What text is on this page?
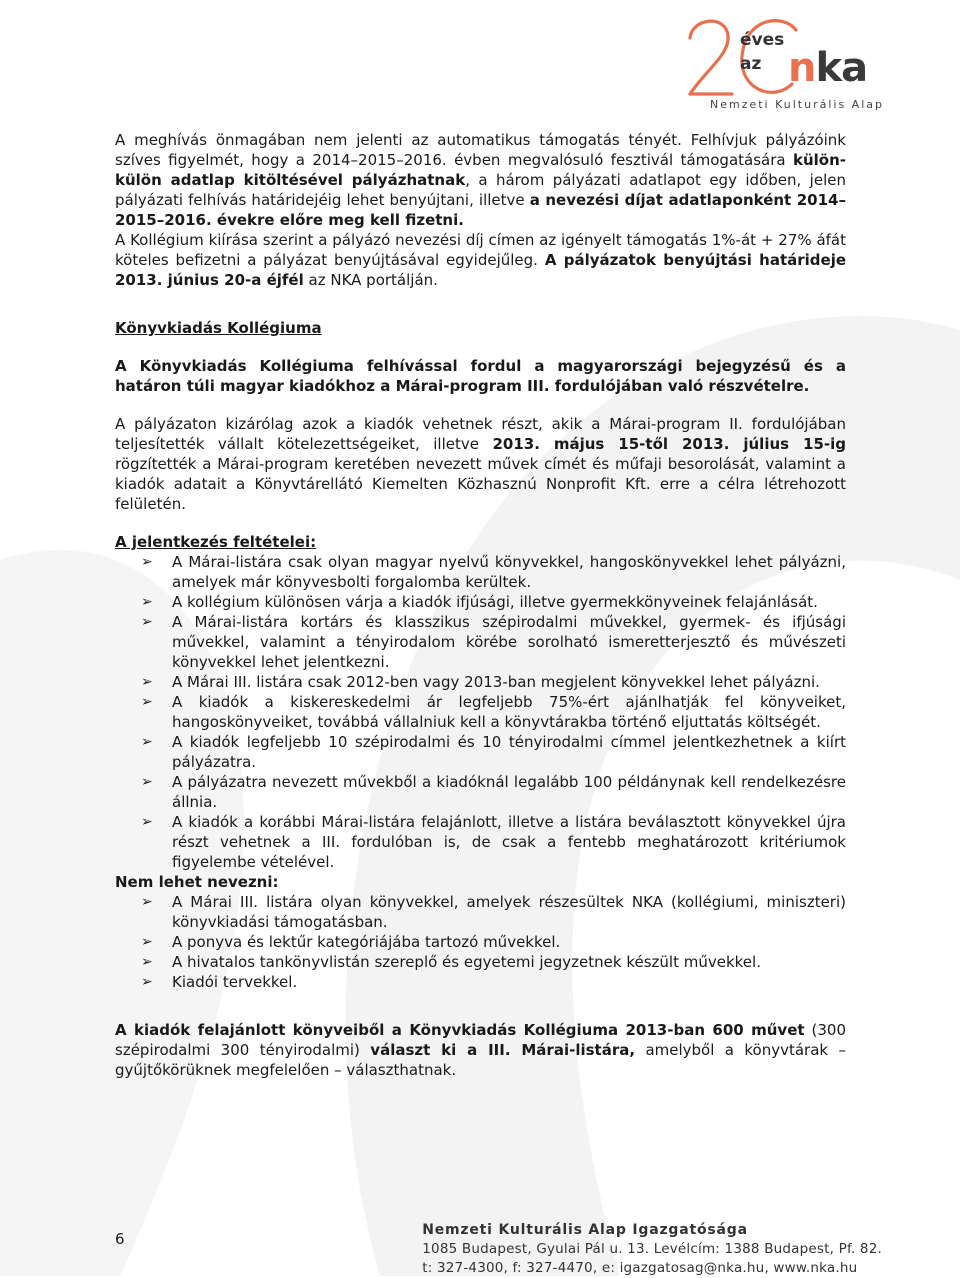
éves
az nka
Nemzeti Kulturális Alap

A meghívás önmagában nem jelenti az automatikus támogatás tényét. Felhívjuk pályázóink szíves figyelmét, hogy a 2014–2015–2016. évben megvalósuló fesztivál támogatására külön-külön adatlap kitöltésével pályázhatnak, a három pályázati adatlapot egy időben, jelen pályázati felhívás határidejéig lehet benyújtani, illetve a nevezési díjat adatlaponként 2014–2015–2016. évekre előre meg kell fizetni.

A Kollégium kiírása szerint a pályázó nevezési díj címen az igényelt támogatás 1%-át + 27% áfát köteles befizetni a pályázat benyújtásával egyidejűleg. A pályázatok benyújtási határideje 2013. június 20-a éjfél az NKA portálján.

Könyvkiadás Kollégiuma

A Könyvkiadás Kollégiuma felhívással fordul a magyarországi bejegyzésű és a határon túli magyar kiadókhoz a Márai-program III. fordulójában való részvételre.

A pályázaton kizárólag azok a kiadók vehetnek részt, akik a Márai-program II. fordulójában teljesítették vállalt kötelezettségeiket, illetve 2013. május 15-től 2013. július 15-ig rögzítették a Márai-program keretében nevezett művek címét és műfaji besorolását, valamint a kiadók adatait a Könyvtárellátó Kiemelten Közhasznú Nonprofit Kft. erre a célra létrehozott felületén.

A jelentkezés feltételei:

➢ A Márai-listára csak olyan magyar nyelvű könyvekkel, hangoskönyvekkel lehet pályázni, amelyek már könyvesbolti forgalomba kerültek.
➢ A kollégium különösen várja a kiadók ifjúsági, illetve gyermekkönyveinek felajánlását.
➢ A Márai-listára kortárs és klasszikus szépirodalmi művekkel, gyermek- és ifjúsági művekkel, valamint a tényirodalom körébe sorolható ismeretterjesztő és művészeti könyvekkel lehet jelentkezni.
➢ A Márai III. listára csak 2012-ben vagy 2013-ban megjelent könyvekkel lehet pályázni.
➢ A kiadók a kiskereskedelmi ár legfeljebb 75%-ért ajánlhatják fel könyveiket, hangoskönyveiket, továbbá vállalniuk kell a könyvtárakba történő eljuttatás költségét.
➢ A kiadók legfeljebb 10 szépirodalmi és 10 tényirodalmi címmel jelentkezhetnek a kiírt pályázatra.
➢ A pályázatra nevezett művekből a kiadóknál legalább 100 példánynak kell rendelkezésre állnia.
➢ A kiadók a korábbi Márai-listára felajánlott, illetve a listára beválasztott könyvekkel újra részt vehetnek a III. fordulóban is, de csak a fentebb meghatározott kritériumok figyelembe vételével.

Nem lehet nevezni:

➢ A Márai III. listára olyan könyvekkel, amelyek részesültek NKA (kollégiumi, miniszteri) könyvkiadási támogatásban.
➢ A ponyva és lektűr kategóriájába tartozó művekkel.
➢ A hivatalos tankönyvlistán szereplő és egyetemi jegyzetnek készült művekkel.
➢ Kiadói tervekkel.

A kiadók felajánlott könyveiből a Könyvkiadás Kollégiuma 2013-ban 600 művet (300 szépirodalmi 300 tényirodalmi) választ ki a III. Márai-listára, amelyből a könyvtárak – gyűjtőkörüknek megfelelően – választhatnak.

6	Nemzeti Kulturális Alap Igazgatósága
1085 Budapest, Gyulai Pál u. 13. Levélcím: 1388 Budapest, Pf. 82.
t: 327-4300, f: 327-4470, e: igazgatosag@nka.hu, www.nka.hu
